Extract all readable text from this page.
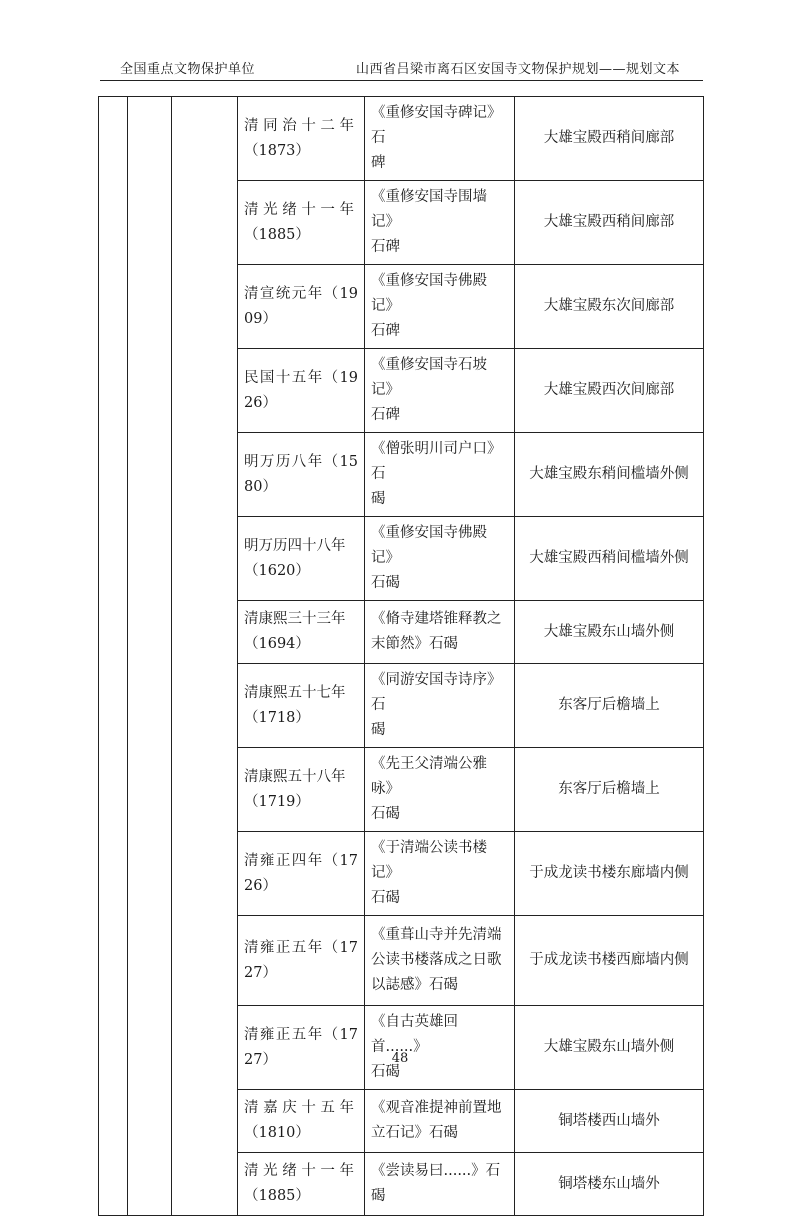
全国重点文物保护单位	山西省吕梁市离石区安国寺文物保护规划——规划文本

			清 同 治 十 二 年
（1873）	《重修安国寺碑记》石
碑	大雄宝殿西稍间廊部

			清 光 绪 十 一 年
（1885）	《重修安国寺围墙记》
石碑	大雄宝殿西稍间廊部

			清宣统元年（1909）	《重修安国寺佛殿记》
石碑	大雄宝殿东次间廊部

			民国十五年（1926）	《重修安国寺石坡记》
石碑	大雄宝殿西次间廊部

			明万历八年（1580）	《僧张明川司户口》石
碣	大雄宝殿东稍间槛墙外侧

			明万历四十八年
（1620）	《重修安国寺佛殿记》
石碣	大雄宝殿西稍间槛墙外侧

			清康熙三十三年
（1694）	《脩寺建塔锥释教之
末節然》石碣	大雄宝殿东山墙外侧

			清康熙五十七年
（1718）	《同游安国寺诗序》石
碣	东客厅后檐墙上

			清康熙五十八年
（1719）	《先王父清端公雅咏》
石碣	东客厅后檐墙上

			清雍正四年（1726）	《于清端公读书楼记》
石碣	于成龙读书楼东廊墙内侧

			清雍正五年（1727）	《重葺山寺并先清端
公读书楼落成之日歌
以誌感》石碣	于成龙读书楼西廊墙内侧

			清雍正五年（1727）	《自古英雄回首......》
石碣	大雄宝殿东山墙外侧

			清 嘉 庆 十 五 年
（1810）	《观音准提神前置地
立石记》石碣	铜塔楼西山墙外

			清 光 绪 十 一 年
（1885）	《尝读易曰......》石碣	铜塔楼东山墙外
48
